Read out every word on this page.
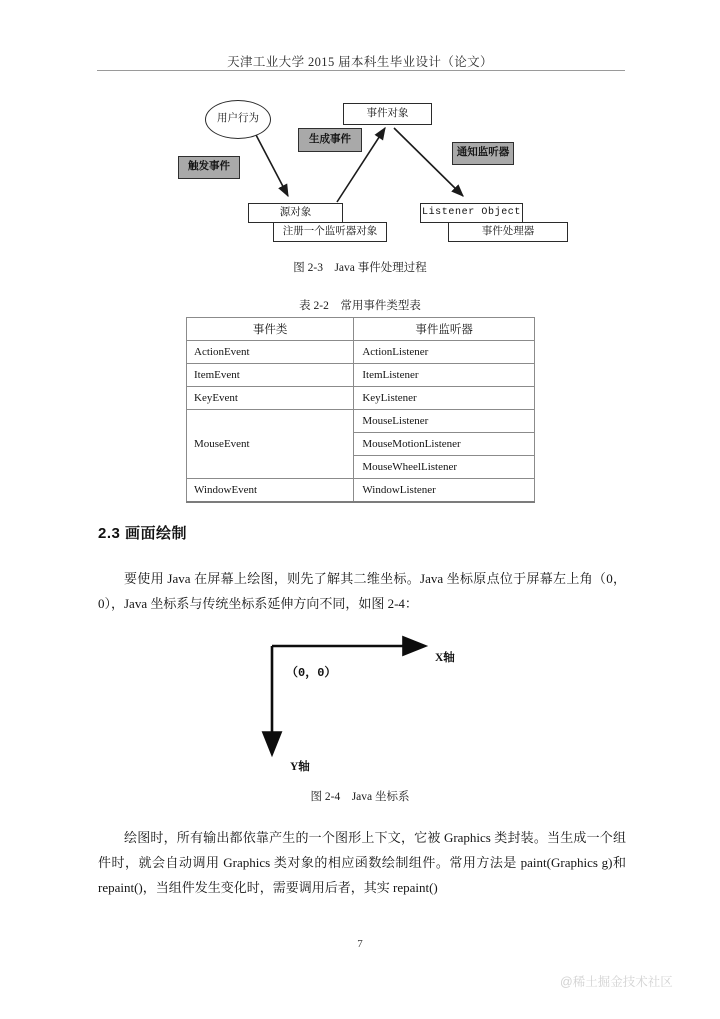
天津工业大学 2015 届本科生毕业设计（论文）
用户行为
触发事件
生成事件
通知监听器
事件对象
源对象
注册一个监听器对象
Listener Object
事件处理器
图 2-3　Java 事件处理过程
表 2-2　常用事件类型表
事件类	事件监听器
ActionEvent	ActionListener
ItemEvent	ItemListener
KeyEvent	KeyListener
MouseEvent	MouseListener
	MouseMotionListener
	MouseWheelListener
WindowEvent	WindowListener
2.3 画面绘制
要使用 Java 在屏幕上绘图，则先了解其二维坐标。Java 坐标原点位于屏幕左上角（0，0），Java 坐标系与传统坐标系延伸方向不同，如图 2-4：
X轴
Y轴
（0，0）
图 2-4　Java 坐标系
绘图时，所有输出都依靠产生的一个图形上下文，它被 Graphics 类封装。当生成一个组件时，就会自动调用 Graphics 类对象的相应函数绘制组件。常用方法是 paint(Graphics g)和 repaint()，当组件发生变化时，需要调用后者，其实 repaint()
7
@稀土掘金技术社区
